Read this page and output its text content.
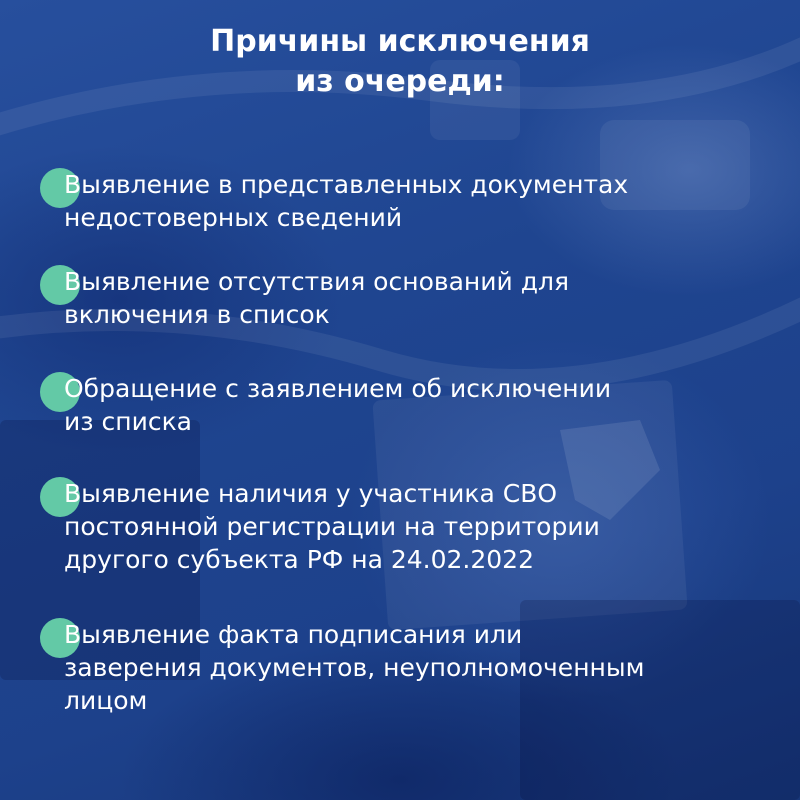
Причины исключения
из очереди:
Выявление в представленных документах
недостоверных сведений
Выявление отсутствия оснований для
включения в список
Обращение с заявлением об исключении
из списка
Выявление наличия у участника СВО
постоянной регистрации на территории
другого субъекта РФ на 24.02.2022
Выявление факта подписания или
заверения документов, неуполномоченным
лицом
